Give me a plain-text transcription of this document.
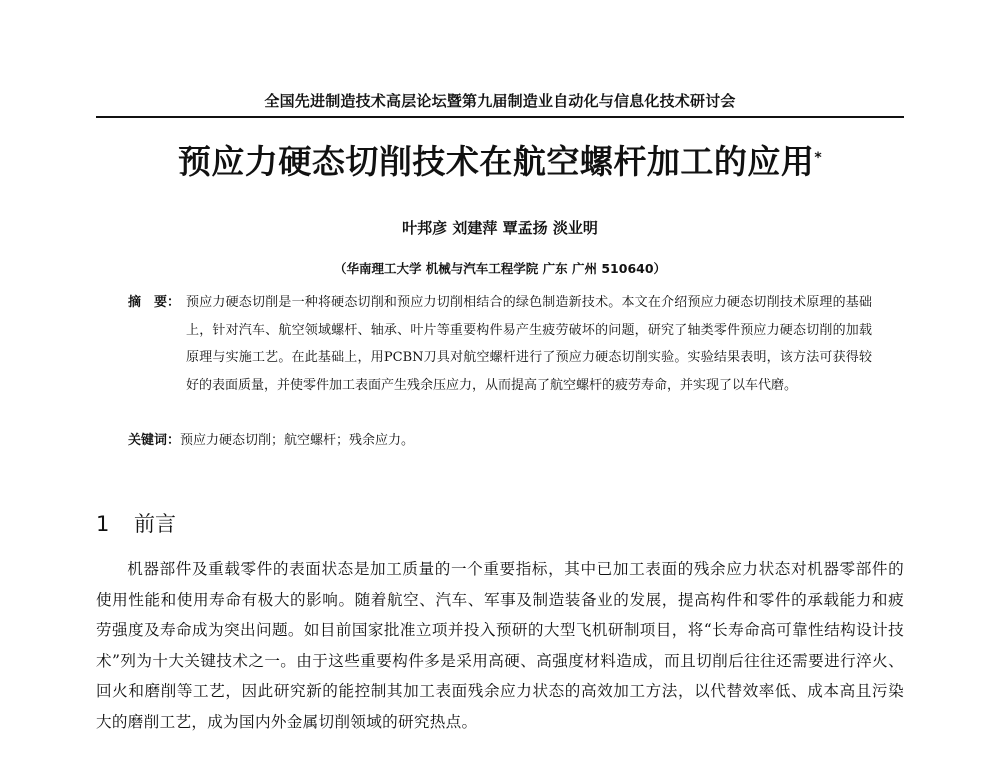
全国先进制造技术高层论坛暨第九届制造业自动化与信息化技术研讨会
预应力硬态切削技术在航空螺杆加工的应用*
叶邦彦 刘建萍 覃孟扬 淡业明
（华南理工大学 机械与汽车工程学院 广东 广州 510640）
摘　要： 预应力硬态切削是一种将硬态切削和预应力切削相结合的绿色制造新技术。本文在介绍预应力硬态切削技术原理的基础上，针对汽车、航空领域螺杆、轴承、叶片等重要构件易产生疲劳破坏的问题，研究了轴类零件预应力硬态切削的加载原理与实施工艺。在此基础上，用PCBN刀具对航空螺杆进行了预应力硬态切削实验。实验结果表明，该方法可获得较好的表面质量，并使零件加工表面产生残余压应力，从而提高了航空螺杆的疲劳寿命，并实现了以车代磨。
关键词：预应力硬态切削；航空螺杆；残余应力。
1 前言
机器部件及重载零件的表面状态是加工质量的一个重要指标，其中已加工表面的残余应力状态对机器零部件的使用性能和使用寿命有极大的影响。随着航空、汽车、军事及制造装备业的发展，提高构件和零件的承载能力和疲劳强度及寿命成为突出问题。如目前国家批准立项并投入预研的大型飞机研制项目，将“长寿命高可靠性结构设计技术”列为十大关键技术之一。由于这些重要构件多是采用高硬、高强度材料造成，而且切削后往往还需要进行淬火、回火和磨削等工艺，因此研究新的能控制其加工表面残余应力状态的高效加工方法，以代替效率低、成本高且污染大的磨削工艺，成为国内外金属切削领域的研究热点。
